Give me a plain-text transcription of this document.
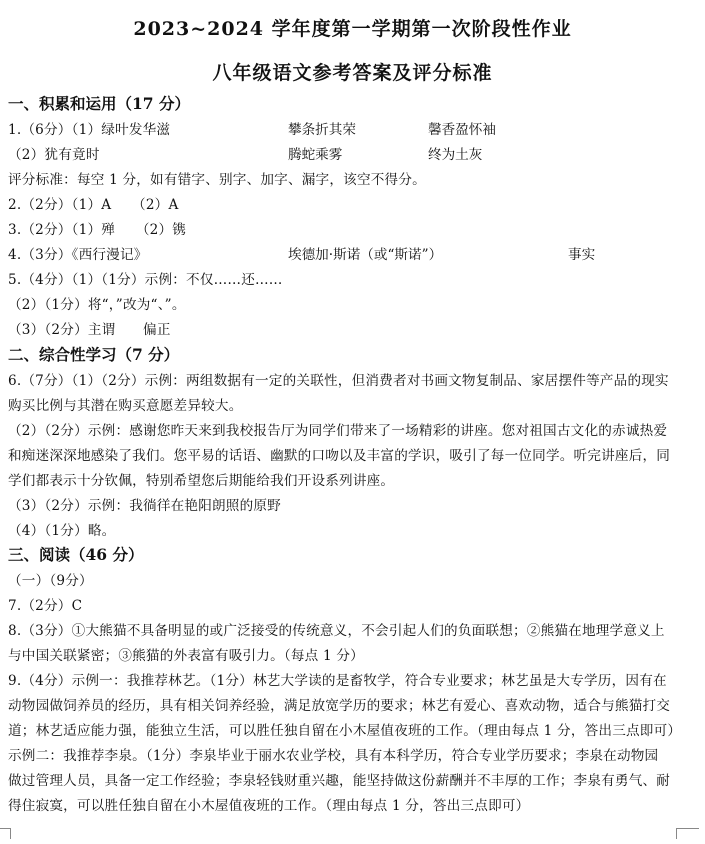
2023~2024 学年度第一学期第一次阶段性作业
八年级语文参考答案及评分标准
一、积累和运用（17 分）
1.（6分）（1）绿叶发华滋	攀条折其荣	馨香盈怀袖
（2）犹有竟时	腾蛇乘雾	终为土灰
评分标准：每空 1 分，如有错字、别字、加字、漏字，该空不得分。
2.（2分）（1）A　　（2）A
3.（2分）（1）殚　　（2）镌
4.（3分）《西行漫记》	埃德加·斯诺（或“斯诺”）	事实
5.（4分）（1）（1分）示例：不仅……还……
（2）（1分）将“，”改为“、”。
（3）（2分）主谓　　偏正
二、综合性学习（7 分）
6.（7分）（1）（2分）示例：两组数据有一定的关联性，但消费者对书画文物复制品、家居摆件等产品的现实
购买比例与其潜在购买意愿差异较大。
（2）（2分）示例：感谢您昨天来到我校报告厅为同学们带来了一场精彩的讲座。您对祖国古文化的赤诚热爱
和痴迷深深地感染了我们。您平易的话语、幽默的口吻以及丰富的学识，吸引了每一位同学。听完讲座后，同
学们都表示十分钦佩，特别希望您后期能给我们开设系列讲座。
（3）（2分）示例：我徜徉在艳阳朗照的原野
（4）（1分）略。
三、阅读（46 分）
（一）（9分）
7.（2分）C
8.（3分）①大熊猫不具备明显的或广泛接受的传统意义，不会引起人们的负面联想；②熊猫在地理学意义上
与中国关联紧密；③熊猫的外表富有吸引力。（每点 1 分）
9.（4分）示例一：我推荐林艺。（1分）林艺大学读的是畜牧学，符合专业要求；林艺虽是大专学历，因有在
动物园做饲养员的经历，具有相关饲养经验，满足放宽学历的要求；林艺有爱心、喜欢动物，适合与熊猫打交
道；林艺适应能力强，能独立生活，可以胜任独自留在小木屋值夜班的工作。（理由每点 1 分，答出三点即可）
示例二：我推荐李泉。（1分）李泉毕业于丽水农业学校，具有本科学历，符合专业学历要求；李泉在动物园
做过管理人员，具备一定工作经验；李泉轻钱财重兴趣，能坚持做这份薪酬并不丰厚的工作；李泉有勇气、耐
得住寂寞，可以胜任独自留在小木屋值夜班的工作。（理由每点 1 分，答出三点即可）
